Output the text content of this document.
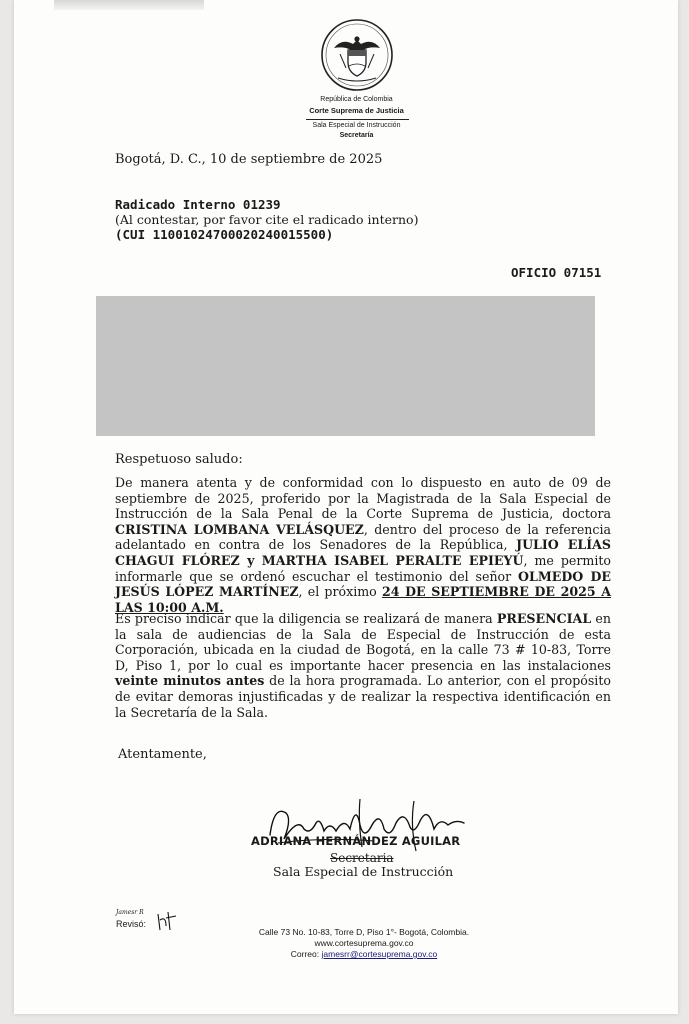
República de Colombia
Corte Suprema de Justicia
Sala Especial de Instrucción
Secretaría
Bogotá, D. C., 10 de septiembre de 2025
Radicado Interno 01239
(Al contestar, por favor cite el radicado interno)
(CUI 11001024700020240015500)
OFICIO 07151
Respetuoso saludo:
De manera atenta y de conformidad con lo dispuesto en auto de 09 de septiembre de 2025, proferido por la Magistrada de la Sala Especial de Instrucción de la Sala Penal de la Corte Suprema de Justicia, doctora CRISTINA LOMBANA VELÁSQUEZ, dentro del proceso de la referencia adelantado en contra de los Senadores de la República, JULIO ELÍAS CHAGUI FLÓREZ y MARTHA ISABEL PERALTE EPIEYÚ, me permito informarle que se ordenó escuchar el testimonio del señor OLMEDO DE JESÚS LÓPEZ MARTÍNEZ, el próximo 24 DE SEPTIEMBRE DE 2025 A LAS 10:00 A.M.
Es preciso indicar que la diligencia se realizará de manera PRESENCIAL en la sala de audiencias de la Sala de Especial de Instrucción de esta Corporación, ubicada en la ciudad de Bogotá, en la calle 73 # 10-83, Torre D, Piso 1, por lo cual es importante hacer presencia en las instalaciones veinte minutos antes de la hora programada. Lo anterior, con el propósito de evitar demoras injustificadas y de realizar la respectiva identificación en la Secretaría de la Sala.
Atentamente,
ADRIANA HERNÁNDEZ AGUILAR
Secretaria
Sala Especial de Instrucción
Jamesr R
Revisó:
Calle 73 No. 10-83, Torre D, Piso 1°- Bogotá, Colombia.
www.cortesuprema.gov.co
Correo: jamesrr@cortesuprema.gov.co
